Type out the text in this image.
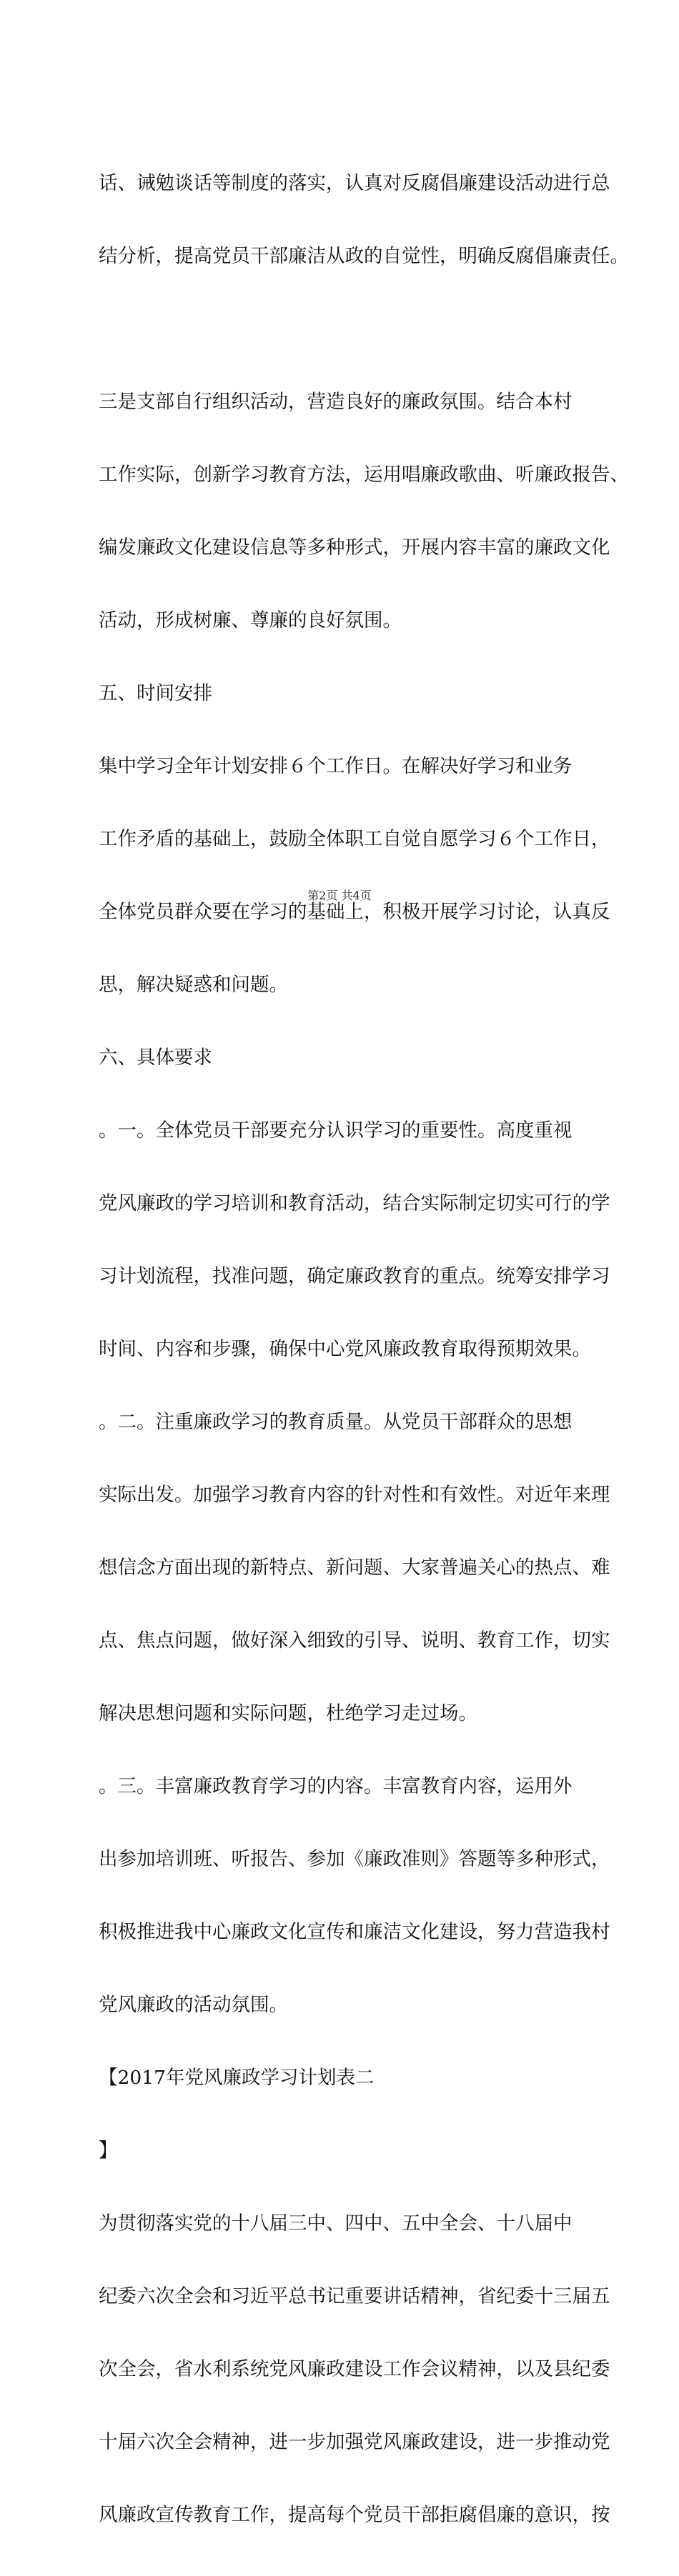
话、诫勉谈话等制度的落实，认真对反腐倡廉建设活动进行总

结分析，提高党员干部廉洁从政的自觉性，明确反腐倡廉责任。

三是支部自行组织活动，营造良好的廉政氛围。结合本村

工作实际，创新学习教育方法，运用唱廉政歌曲、听廉政报告、

编发廉政文化建设信息等多种形式，开展内容丰富的廉政文化

活动，形成树廉、尊廉的良好氛围。

五、时间安排

集中学习全年计划安排６个工作日。在解决好学习和业务

工作矛盾的基础上，鼓励全体职工自觉自愿学习６个工作日，

全体党员群众要在学习的基础上，积极开展学习讨论，认真反

思，解决疑惑和问题。

六、具体要求

。一。全体党员干部要充分认识学习的重要性。高度重视

党风廉政的学习培训和教育活动，结合实际制定切实可行的学

习计划流程，找准问题，确定廉政教育的重点。统筹安排学习

时间、内容和步骤，确保中心党风廉政教育取得预期效果。

。二。注重廉政学习的教育质量。从党员干部群众的思想

实际出发。加强学习教育内容的针对性和有效性。对近年来理

想信念方面出现的新特点、新问题、大家普遍关心的热点、难

点、焦点问题，做好深入细致的引导、说明、教育工作，切实

解决思想问题和实际问题，杜绝学习走过场。

。三。丰富廉政教育学习的内容。丰富教育内容，运用外

出参加培训班、听报告、参加《廉政准则》答题等多种形式，

积极推进我中心廉政文化宣传和廉洁文化建设，努力营造我村

党风廉政的活动氛围。

【2017年党风廉政学习计划表二

】

为贯彻落实党的十八届三中、四中、五中全会、十八届中

纪委六次全会和习近平总书记重要讲话精神，省纪委十三届五

次全会，省水利系统党风廉政建设工作会议精神，以及县纪委

十届六次全会精神，进一步加强党风廉政建设，进一步推动党

风廉政宣传教育工作，提高每个党员干部拒腐倡廉的意识，按

第2页 共4页
